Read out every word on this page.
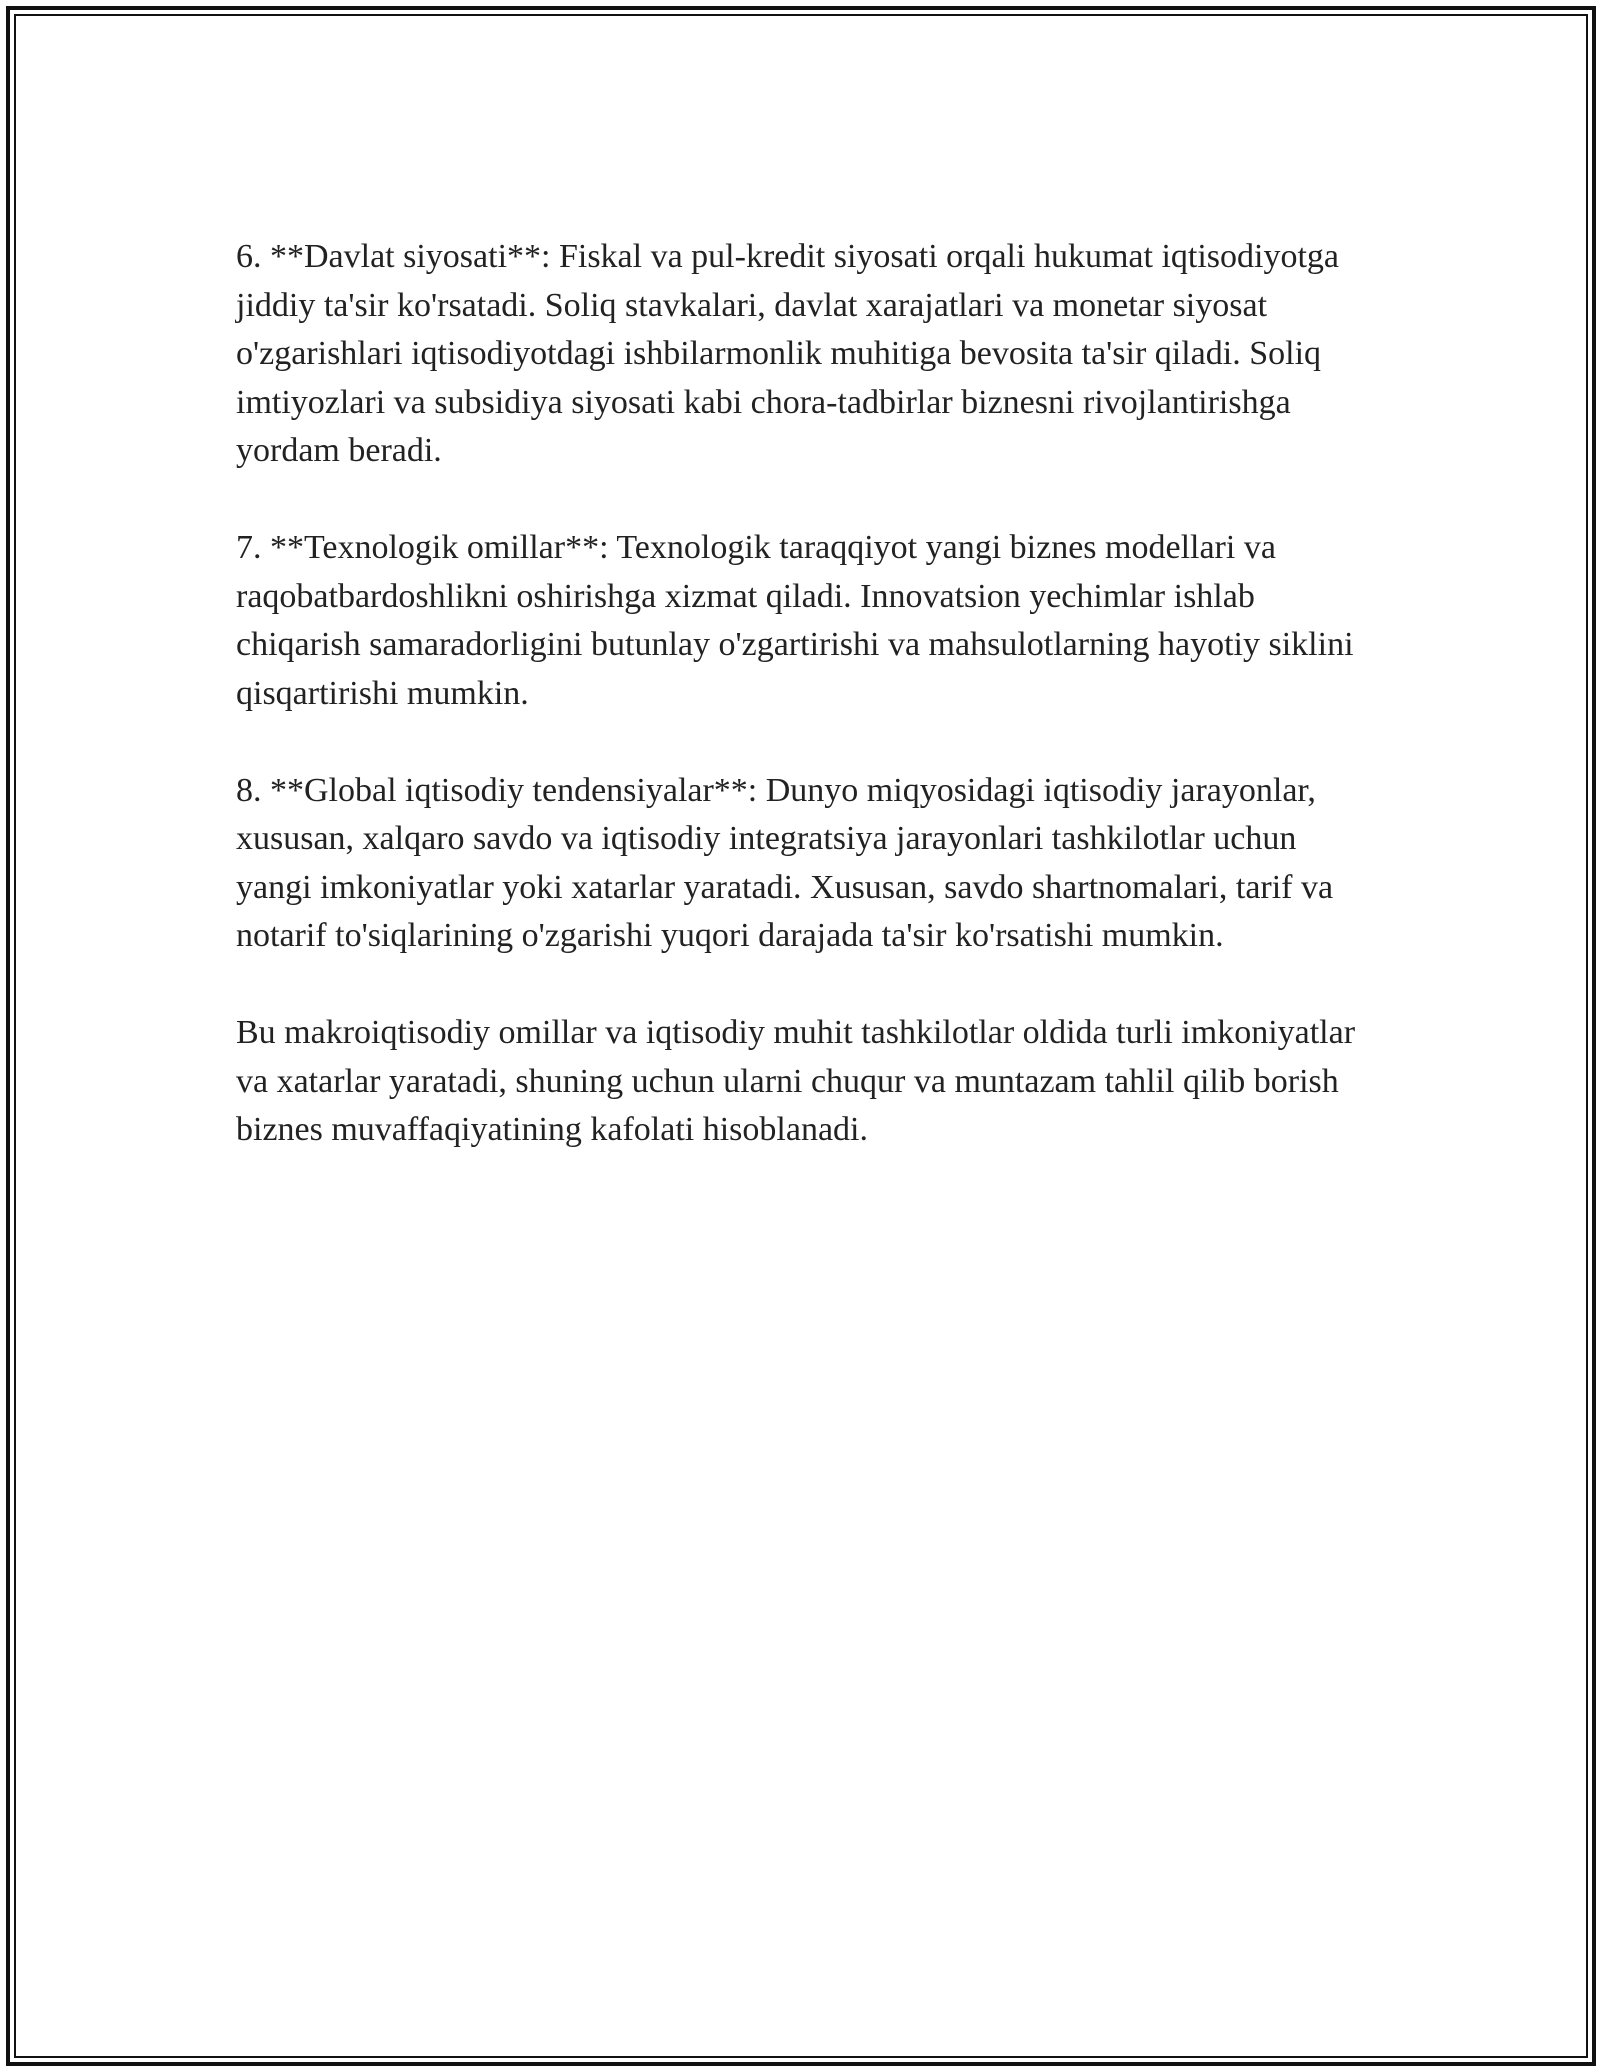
6. **Davlat siyosati**: Fiskal va pul-kredit siyosati orqali hukumat iqtisodiyotga jiddiy ta'sir ko'rsatadi. Soliq stavkalari, davlat xarajatlari va monetar siyosat o'zgarishlari iqtisodiyotdagi ishbilarmonlik muhitiga bevosita ta'sir qiladi. Soliq imtiyozlari va subsidiya siyosati kabi chora-tadbirlar biznesni rivojlantirishga yordam beradi.

7. **Texnologik omillar**: Texnologik taraqqiyot yangi biznes modellari va raqobatbardoshlikni oshirishga xizmat qiladi. Innovatsion yechimlar ishlab chiqarish samaradorligini butunlay o'zgartirishi va mahsulotlarning hayotiy siklini qisqartirishi mumkin.

8. **Global iqtisodiy tendensiyalar**: Dunyo miqyosidagi iqtisodiy jarayonlar, xususan, xalqaro savdo va iqtisodiy integratsiya jarayonlari tashkilotlar uchun yangi imkoniyatlar yoki xatarlar yaratadi. Xususan, savdo shartnomalari, tarif va notarif to'siqlarining o'zgarishi yuqori darajada ta'sir ko'rsatishi mumkin.

Bu makroiqtisodiy omillar va iqtisodiy muhit tashkilotlar oldida turli imkoniyatlar va xatarlar yaratadi, shuning uchun ularni chuqur va muntazam tahlil qilib borish biznes muvaffaqiyatining kafolati hisoblanadi.
